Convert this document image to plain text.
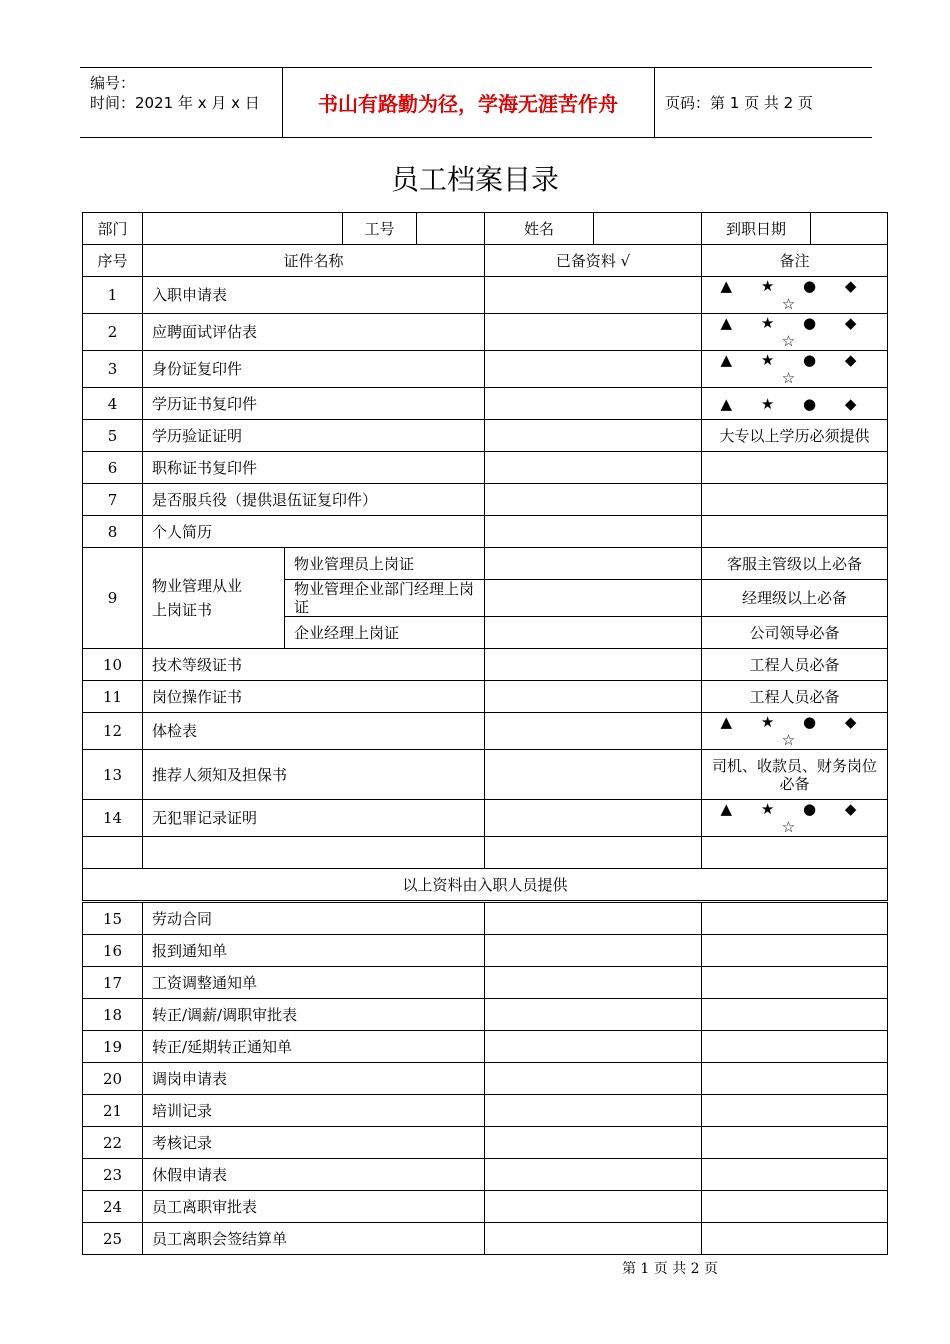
编号：
时间：2021 年 x 月 x 日	书山有路勤为径，学海无涯苦作舟	页码：第 1 页 共 2 页
员工档案目录
部门			工号		姓名		到职日期

序号	证件名称				已备资料 √		备注
1	入职申请表						▲ ★ ● ◆ ☆
2	应聘面试评估表						▲ ★ ● ◆ ☆
3	身份证复印件						▲ ★ ● ◆ ☆
4	学历证书复印件						▲ ★ ● ◆
5	学历验证证明						大专以上学历必须提供
6	职称证书复印件						
7	是否服兵役（提供退伍证复印件）						
8	个人简历						
9	物业管理从业上岗证书	物业管理员上岗证					客服主管级以上必备
		物业管理企业部门经理上岗证					经理级以上必备
		企业经理上岗证					公司领导必备
10	技术等级证书						工程人员必备
11	岗位操作证书						工程人员必备
12	体检表						▲ ★ ● ◆ ☆
13	推荐人须知及担保书						司机、收款员、财务岗位必备
14	无犯罪记录证明						▲ ★ ● ◆ ☆

以上资料由入职人员提供							
15	劳动合同						
16	报到通知单						
17	工资调整通知单						
18	转正/调薪/调职审批表						
19	转正/延期转正通知单						
20	调岗申请表						
21	培训记录						
22	考核记录						
23	休假申请表						
24	员工离职审批表						
25	员工离职会签结算单						
第 1 页 共 2 页
